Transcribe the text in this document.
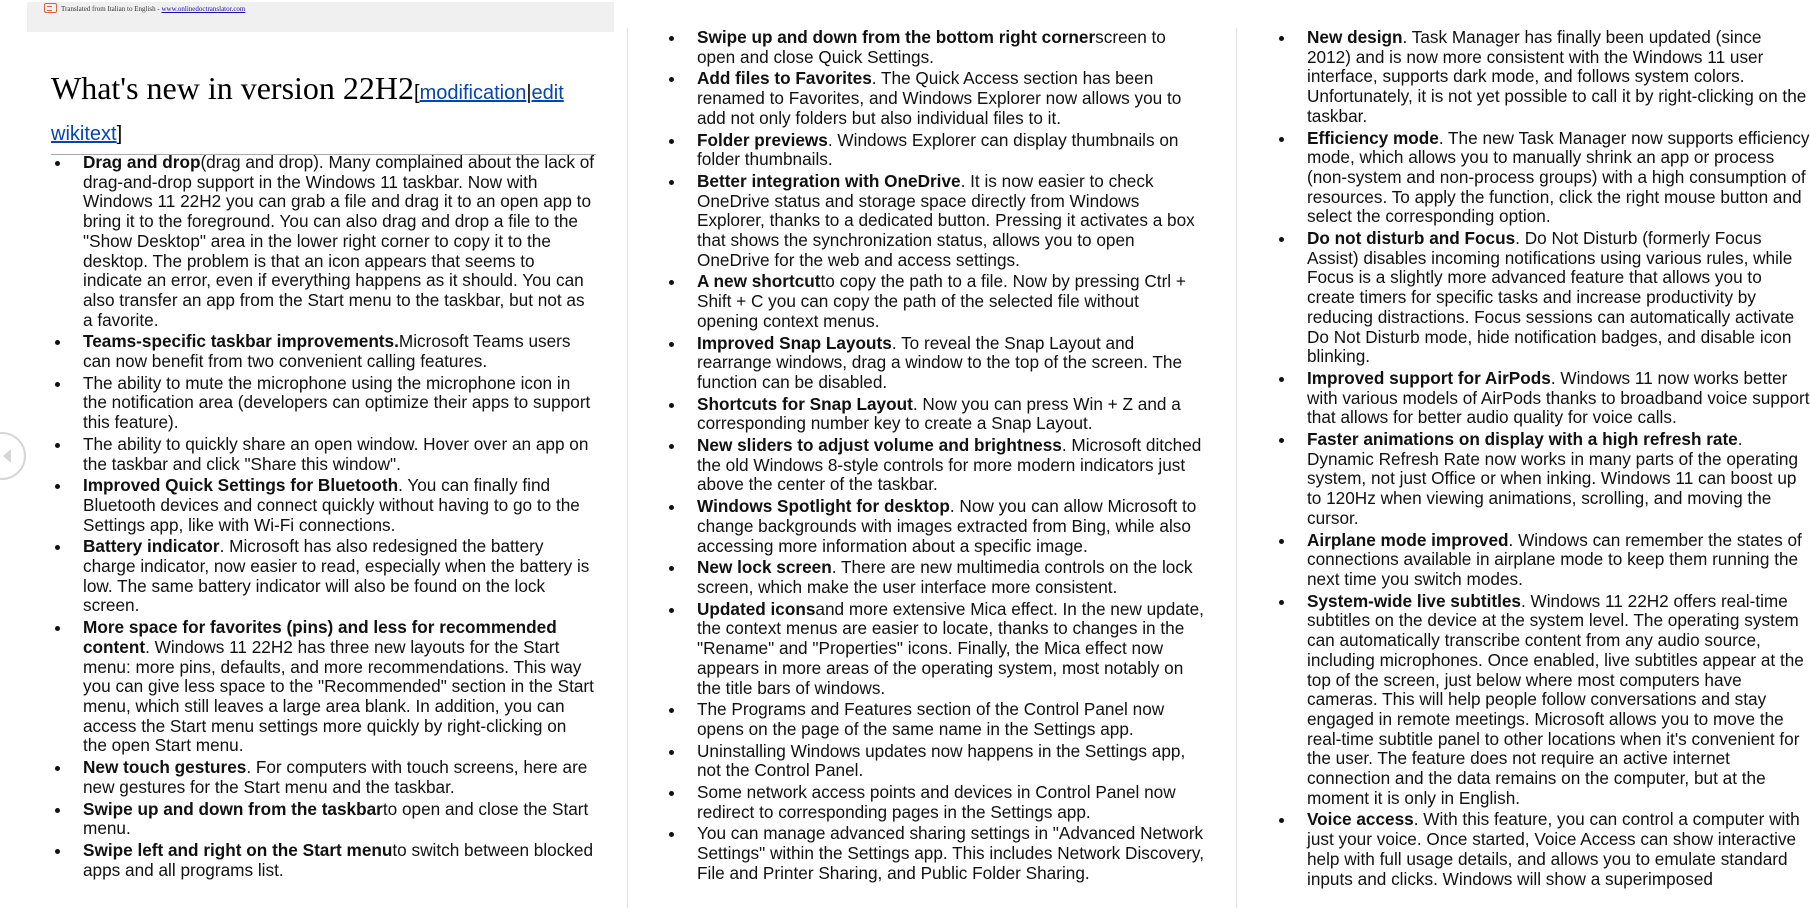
Translated from Italian to English - www.onlinedoctranslator.com
What's new in version 22H2[modification|edit wikitext]
Drag and drop(drag and drop). Many complained about the lack of drag-and-drop support in the Windows 11 taskbar. Now with Windows 11 22H2 you can grab a file and drag it to an open app to bring it to the foreground. You can also drag and drop a file to the "Show Desktop" area in the lower right corner to copy it to the desktop. The problem is that an icon appears that seems to indicate an error, even if everything happens as it should. You can also transfer an app from the Start menu to the taskbar, but not as a favorite.
Teams-specific taskbar improvements.Microsoft Teams users can now benefit from two convenient calling features.
The ability to mute the microphone using the microphone icon in the notification area (developers can optimize their apps to support this feature).
The ability to quickly share an open window. Hover over an app on the taskbar and click "Share this window".
Improved Quick Settings for Bluetooth. You can finally find Bluetooth devices and connect quickly without having to go to the Settings app, like with Wi-Fi connections.
Battery indicator. Microsoft has also redesigned the battery charge indicator, now easier to read, especially when the battery is low. The same battery indicator will also be found on the lock screen.
More space for favorites (pins) and less for recommended content. Windows 11 22H2 has three new layouts for the Start menu: more pins, defaults, and more recommendations. This way you can give less space to the "Recommended" section in the Start menu, which still leaves a large area blank. In addition, you can access the Start menu settings more quickly by right-clicking on the open Start menu.
New touch gestures. For computers with touch screens, here are new gestures for the Start menu and the taskbar.
Swipe up and down from the taskbarto open and close the Start menu.
Swipe left and right on the Start menuto switch between blocked apps and all programs list.
Swipe up and down from the bottom right cornerscreen to open and close Quick Settings.
Add files to Favorites. The Quick Access section has been renamed to Favorites, and Windows Explorer now allows you to add not only folders but also individual files to it.
Folder previews. Windows Explorer can display thumbnails on folder thumbnails.
Better integration with OneDrive. It is now easier to check OneDrive status and storage space directly from Windows Explorer, thanks to a dedicated button. Pressing it activates a box that shows the synchronization status, allows you to open OneDrive for the web and access settings.
A new shortcutto copy the path to a file. Now by pressing Ctrl + Shift + C you can copy the path of the selected file without opening context menus.
Improved Snap Layouts. To reveal the Snap Layout and rearrange windows, drag a window to the top of the screen. The function can be disabled.
Shortcuts for Snap Layout. Now you can press Win + Z and a corresponding number key to create a Snap Layout.
New sliders to adjust volume and brightness. Microsoft ditched the old Windows 8-style controls for more modern indicators just above the center of the taskbar.
Windows Spotlight for desktop. Now you can allow Microsoft to change backgrounds with images extracted from Bing, while also accessing more information about a specific image.
New lock screen. There are new multimedia controls on the lock screen, which make the user interface more consistent.
Updated iconsand more extensive Mica effect. In the new update, the context menus are easier to locate, thanks to changes in the "Rename" and "Properties" icons. Finally, the Mica effect now appears in more areas of the operating system, most notably on the title bars of windows.
The Programs and Features section of the Control Panel now opens on the page of the same name in the Settings app.
Uninstalling Windows updates now happens in the Settings app, not the Control Panel.
Some network access points and devices in Control Panel now redirect to corresponding pages in the Settings app.
You can manage advanced sharing settings in "Advanced Network Settings" within the Settings app. This includes Network Discovery, File and Printer Sharing, and Public Folder Sharing.
New design. Task Manager has finally been updated (since 2012) and is now more consistent with the Windows 11 user interface, supports dark mode, and follows system colors. Unfortunately, it is not yet possible to call it by right-clicking on the taskbar.
Efficiency mode. The new Task Manager now supports efficiency mode, which allows you to manually shrink an app or process (non-system and non-process groups) with a high consumption of resources. To apply the function, click the right mouse button and select the corresponding option.
Do not disturb and Focus. Do Not Disturb (formerly Focus Assist) disables incoming notifications using various rules, while Focus is a slightly more advanced feature that allows you to create timers for specific tasks and increase productivity by reducing distractions. Focus sessions can automatically activate Do Not Disturb mode, hide notification badges, and disable icon blinking.
Improved support for AirPods. Windows 11 now works better with various models of AirPods thanks to broadband voice support that allows for better audio quality for voice calls.
Faster animations on display with a high refresh rate. Dynamic Refresh Rate now works in many parts of the operating system, not just Office or when inking. Windows 11 can boost up to 120Hz when viewing animations, scrolling, and moving the cursor.
Airplane mode improved. Windows can remember the states of connections available in airplane mode to keep them running the next time you switch modes.
System-wide live subtitles. Windows 11 22H2 offers real-time subtitles on the device at the system level. The operating system can automatically transcribe content from any audio source, including microphones. Once enabled, live subtitles appear at the top of the screen, just below where most computers have cameras. This will help people follow conversations and stay engaged in remote meetings. Microsoft allows you to move the real-time subtitle panel to other locations when it's convenient for the user. The feature does not require an active internet connection and the data remains on the computer, but at the moment it is only in English.
Voice access. With this feature, you can control a computer with just your voice. Once started, Voice Access can show interactive help with full usage details, and allows you to emulate standard inputs and clicks. Windows will show a superimposed
